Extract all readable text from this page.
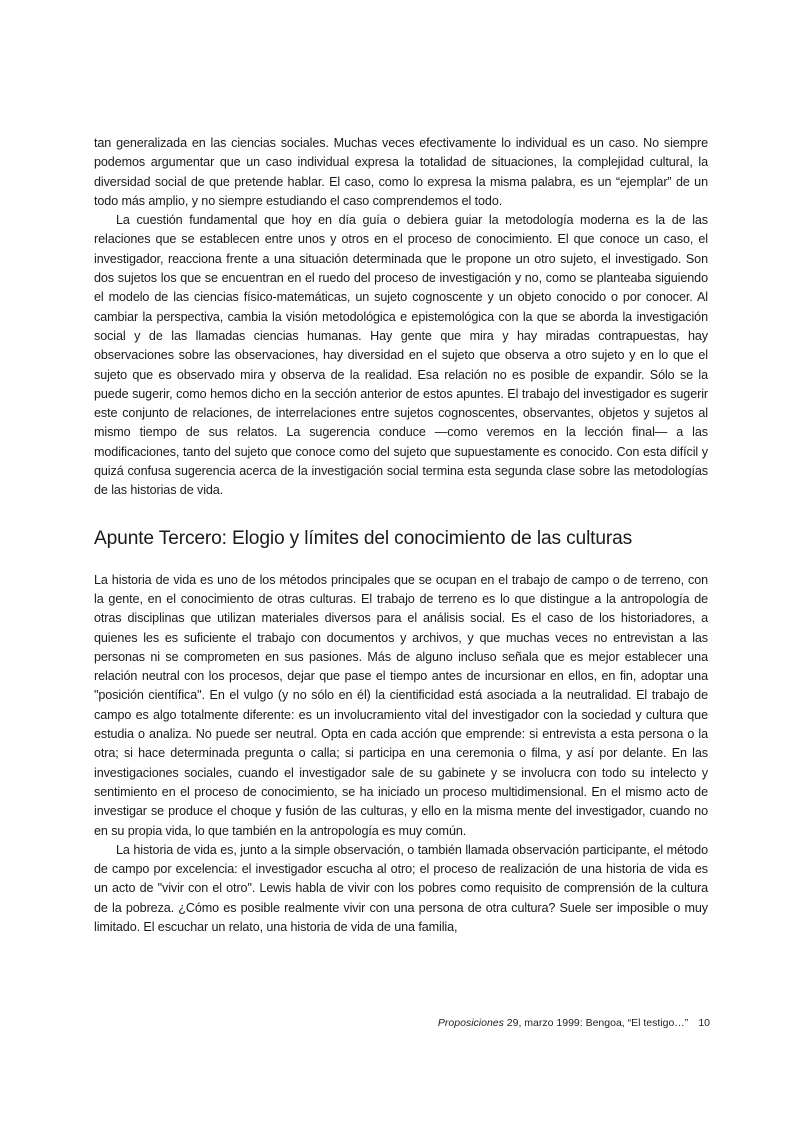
tan generalizada en las ciencias sociales. Muchas veces efectivamente lo individual es un caso. No siempre podemos argumentar que un caso individual expresa la totalidad de situaciones, la complejidad cultural, la diversidad social de que pretende hablar. El caso, como lo expresa la misma palabra, es un “ejemplar” de un todo más amplio, y no siempre estudiando el caso comprendemos el todo.

La cuestión fundamental que hoy en día guía o debiera guiar la metodología moderna es la de las relaciones que se establecen entre unos y otros en el proceso de conocimiento. El que conoce un caso, el investigador, reacciona frente a una situación determinada que le propone un otro sujeto, el investigado. Son dos sujetos los que se encuentran en el ruedo del proceso de investigación y no, como se planteaba siguiendo el modelo de las ciencias físico-matemáticas, un sujeto cognoscente y un objeto conocido o por conocer. Al cambiar la perspectiva, cambia la visión metodológica e epistemológica con la que se aborda la investigación social y de las llamadas ciencias humanas. Hay gente que mira y hay miradas contrapuestas, hay observaciones sobre las observaciones, hay diversidad en el sujeto que observa a otro sujeto y en lo que el sujeto que es observado mira y observa de la realidad. Esa relación no es posible de expandir. Sólo se la puede sugerir, como hemos dicho en la sección anterior de estos apuntes. El trabajo del investigador es sugerir este conjunto de relaciones, de interrelaciones entre sujetos cognoscentes, observantes, objetos y sujetos al mismo tiempo de sus relatos. La sugerencia conduce —como veremos en la lección final— a las modificaciones, tanto del sujeto que conoce como del sujeto que supuestamente es conocido. Con esta difícil y quizá confusa sugerencia acerca de la investigación social termina esta segunda clase sobre las metodologías de las historias de vida.

Apunte Tercero: Elogio y límites del conocimiento de las culturas

La historia de vida es uno de los métodos principales que se ocupan en el trabajo de campo o de terreno, con la gente, en el conocimiento de otras culturas. El trabajo de terreno es lo que distingue a la antropología de otras disciplinas que utilizan materiales diversos para el análisis social. Es el caso de los historiadores, a quienes les es suficiente el trabajo con documentos y archivos, y que muchas veces no entrevistan a las personas ni se comprometen en sus pasiones. Más de alguno incluso señala que es mejor establecer una relación neutral con los procesos, dejar que pase el tiempo antes de incursionar en ellos, en fin, adoptar una "posición científica". En el vulgo (y no sólo en él) la cientificidad está asociada a la neutralidad. El trabajo de campo es algo totalmente diferente: es un involucramiento vital del investigador con la sociedad y cultura que estudia o analiza. No puede ser neutral. Opta en cada acción que emprende: si entrevista a esta persona o la otra; si hace determinada pregunta o calla; si participa en una ceremonia o filma, y así por delante. En las investigaciones sociales, cuando el investigador sale de su gabinete y se involucra con todo su intelecto y sentimiento en el proceso de conocimiento, se ha iniciado un proceso multidimensional. En el mismo acto de investigar se produce el choque y fusión de las culturas, y ello en la misma mente del investigador, cuando no en su propia vida, lo que también en la antropología es muy común.

La historia de vida es, junto a la simple observación, o también llamada observación participante, el método de campo por excelencia: el investigador escucha al otro; el proceso de realización de una historia de vida es un acto de "vivir con el otro". Lewis habla de vivir con los pobres como requisito de comprensión de la cultura de la pobreza. ¿Cómo es posible realmente vivir con una persona de otra cultura? Suele ser imposible o muy limitado. El escuchar un relato, una historia de vida de una familia,

Proposiciones 29, marzo 1999: Bengoa, “El testigo…” 10
